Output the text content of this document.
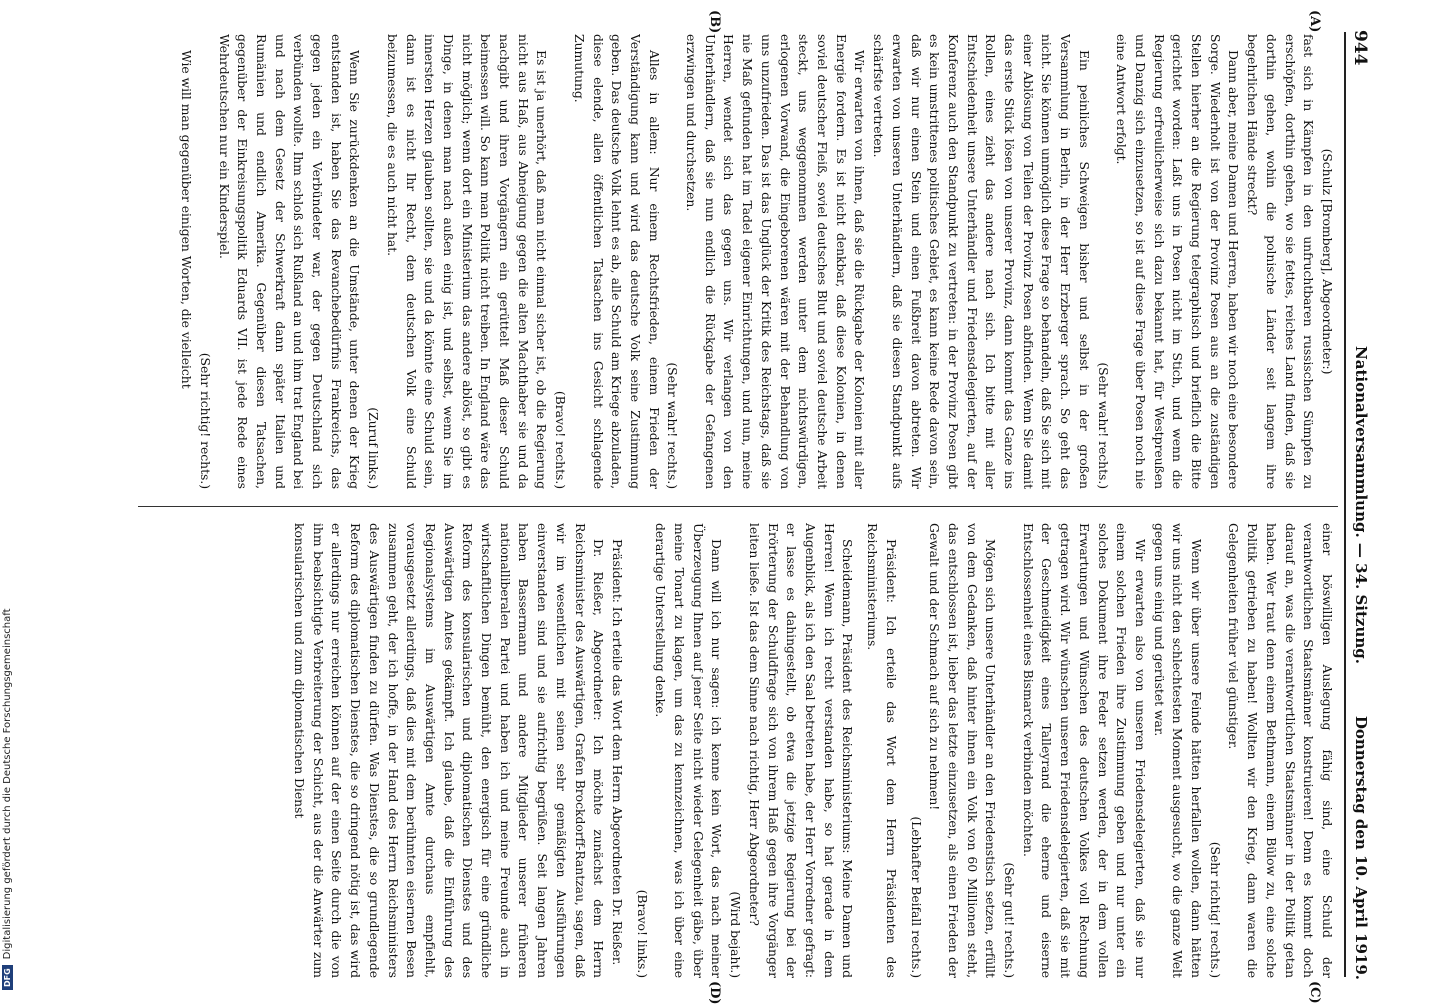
944
Nationalversammlung. — 34. Sitzung.
Donnerstag den 10. April 1919.
(A)
(B)
(C)
(D)

(Schulz [Bromberg], Abgeordneter:)

fast sich in Kämpfen in den unfruchtbaren russischen Sümpfen zu erschöpfen, dorthin gehen, wo sie fettes, reiches Land finden, daß sie dorthin gehen, wohin die polnische Länder seit langem ihre begehrlichen Hände streckt?

Dann aber, meine Damen und Herren, haben wir noch eine besondere Sorge. Wiederholt ist von der Provinz Posen aus an die zuständigen Stellen hierher an die Regierung telegraphisch und brieflich die Bitte gerichtet worden: Laßt uns in Posen nicht im Stich, und wenn die Regierung erfreulicherweise sich dazu bekannt hat, für Westpreußen und Danzig sich einzusetzen, so ist auf diese Frage über Posen noch nie eine Antwort erfolgt.

(Sehr wahr! rechts.)

Ein peinliches Schweigen bisher und selbst in der großen Versammlung in Berlin, in der Herr Erzberger sprach. So geht das nicht. Sie können unmöglich diese Frage so behandeln, daß Sie sich mit einer Ablösung von Teilen der Provinz Posen abfinden. Wenn Sie damit das erste Stück lösen von unserer Provinz, dann kommt das Ganze ins Rollen, eines zieht das andere nach sich. Ich bitte mit aller Entschiedenheit unsere Unterhändler und Friedensdelegierten, auf der Konferenz auch den Standpunkt zu vertreten: in der Provinz Posen gibt es kein umstrittenes politisches Gebiet, es kann keine Rede davon sein, daß wir nur einen Stein und einen Fußbreit davon abtreten. Wir erwarten von unseren Unterhändlern, daß sie diesen Standpunkt aufs schärfste vertreten.

Wir erwarten von ihnen, daß sie die Rückgabe der Kolonien mit aller Energie fordern. Es ist nicht denkbar, daß diese Kolonien, in denen soviel deutscher Fleiß, soviel deutsches Blut und soviel deutsche Arbeit steckt, uns weggenommen werden unter dem nichtswürdigen, erlogenen Vorwand, die Eingeborenen wären mit der Behandlung von uns unzufrieden. Das ist das Unglück der Kritik des Reichstags, daß sie nie Maß gefunden hat im Tadel eigener Einrichtungen, und nun, meine Herren, wendet sich das gegen uns. Wir verlangen von den Unterhändlern, daß sie nun endlich die Rückgabe der Gefangenen erzwingen und durchsetzen.

(Sehr wahr! rechts.)

Alles in allem: Nur einem Rechtsfrieden, einem Frieden der Verständigung kann und wird das deutsche Volk seine Zustimmung geben. Das deutsche Volk lehnt es ab, alle Schuld am Kriege abzuladen, diese elende, allen öffentlichen Tatsachen ins Gesicht schlagende Zumutung.

(Bravo! rechts.)

Es ist ja unerhört, daß man nicht einmal sicher ist, ob die Regierung nicht aus Haß, aus Abneigung gegen die alten Machthaber sie und da nachgibt und ihren Vorgängern ein gerüttelt Maß dieser Schuld beimessen will. So kann man Politik nicht treiben. In England wäre das nicht möglich; wenn dort ein Ministerium das andere ablöst, so gibt es Dinge, in denen man nach außen einig ist, und selbst, wenn Sie im innersten Herzen glauben sollten, sie und da könnte eine Schuld sein, dann ist es nicht Ihr Recht, dem deutschen Volk eine Schuld beizumessen, die es auch nicht hat.

(Zuruf links.)

Wenn Sie zurückdenken an die Umstände, unter denen der Krieg entstanden ist, haben Sie das Revanchebedürfnis Frankreichs, das gegen jeden ein Verbündeter war, der gegen Deutschland sich verbünden wollte. Ihm schloß sich Rußland an und ihm trat England bei und nach dem Gesetz der Schwerkraft dann später Italien und Rumänien und endlich Amerika. Gegenüber diesen Tatsachen, gegenüber der Einkreisungspolitik Eduards VII. ist jede Rede eines Wehrdeutschen nur ein Kinderspiel.

(Sehr richtig! rechts.)

Wie will man gegenüber einigen Worten, die vielleicht

einer böswilligen Auslegung fähig sind, eine Schuld der verantwortlichen Staatsmänner konstruieren! Denn es kommt doch darauf an, was die verantwortlichen Staatsmänner in der Politik getan haben. Wer traut denn einem Bethmann, einem Bülow zu, eine solche Politik getrieben zu haben! Wollten wir den Krieg, dann waren die Gelegenheiten früher viel günstiger.

(Sehr richtig! rechts.)

Wenn wir über unsere Feinde hätten herfallen wollen, dann hätten wir uns nicht den schlechtesten Moment ausgesucht, wo die ganze Welt gegen uns einig und gerüstet war.

Wir erwarten also von unseren Friedensdelegierten, daß sie nur einem solchen Frieden ihre Zustimmung geben und nur unter ein solches Dokument ihre Feder setzen werden, der in dem vollen Erwartungen und Wünschen des deutschen Volkes voll Rechnung getragen wird. Wir wünschen unseren Friedensdelegierten, daß sie mit der Geschmeidigkeit eines Talleyrand die eherne und eiserne Entschlossenheit eines Bismarck verbinden möchten.

(Sehr gut! rechts.)

Mögen sich unsere Unterhändler an den Friedenstisch setzen, erfüllt von dem Gedanken, daß hinter ihnen ein Volk von 60 Millionen steht, das entschlossen ist, lieber das letzte einzusetzen, als einen Frieden der Gewalt und der Schmach auf sich zu nehmen!

(Lebhafter Beifall rechts.)

Präsident: Ich erteile das Wort dem Herrn Präsidenten des Reichsministeriums.

Scheidemann, Präsident des Reichsministeriums: Meine Damen und Herren! Wenn ich recht verstanden habe, so hat gerade in dem Augenblick, als ich den Saal betreten habe, der Herr Vorredner gefragt: er lasse es dahingestellt, ob etwa die jetzige Regierung bei der Erörterung der Schuldfrage sich von ihrem Haß gegen ihre Vorgänger leiten ließe. Ist das dem Sinne nach richtig, Herr Abgeordneter?

(Wird bejaht.)

Dann will ich nur sagen: ich kenne kein Wort, das nach meiner Überzeugung Ihnen auf jener Seite nicht wieder Gelegenheit gäbe, über meine Tonart zu klagen, um das zu kennzeichnen, was ich über eine derartige Unterstellung denke.

(Bravo! links.)

Präsident: Ich erteile das Wort dem Herrn Abgeordneten Dr. Rießer.

Dr. Rießer, Abgeordneter: Ich möchte zunächst dem Herrn Reichsminister des Auswärtigen, Grafen Brockdorff-Rantzau, sagen, daß wir im wesentlichen mit seinen sehr gemäßigten Ausführungen einverstanden sind und sie aufrichtig begrüßen. Seit langen Jahren haben Bassermann und andere Mitglieder unserer früheren nationalliberalen Partei und haben ich und meine Freunde auch in wirtschaftlichen Dingen bemüht, den energisch für eine gründliche Reform des konsularischen und diplomatischen Dienstes und des Auswärtigen Amtes gekämpft. Ich glaube, daß die Einführung des Regionalsystems im Auswärtigen Amte durchaus empfiehlt, vorausgesetzt allerdings, daß dies mit dem berühmten eisernen Besen zusammen geht, der ich hoffe, in der Hand des Herrn Reichsministers des Auswärtigen finden zu dürfen. Was Dienstes, die so grundlegende Reform des diplomatischen Dienstes, die so dringend nötig ist, das wird er allerdings nur erreichen können auf der einen Seite durch die von ihm beabsichtigte Verbreiterung der Schicht, aus der die Anwärter zum konsularischen und zum diplomatischen Dienst

DFGDigitalisierung gefördert durch die Deutsche Forschungsgemeinschaft
